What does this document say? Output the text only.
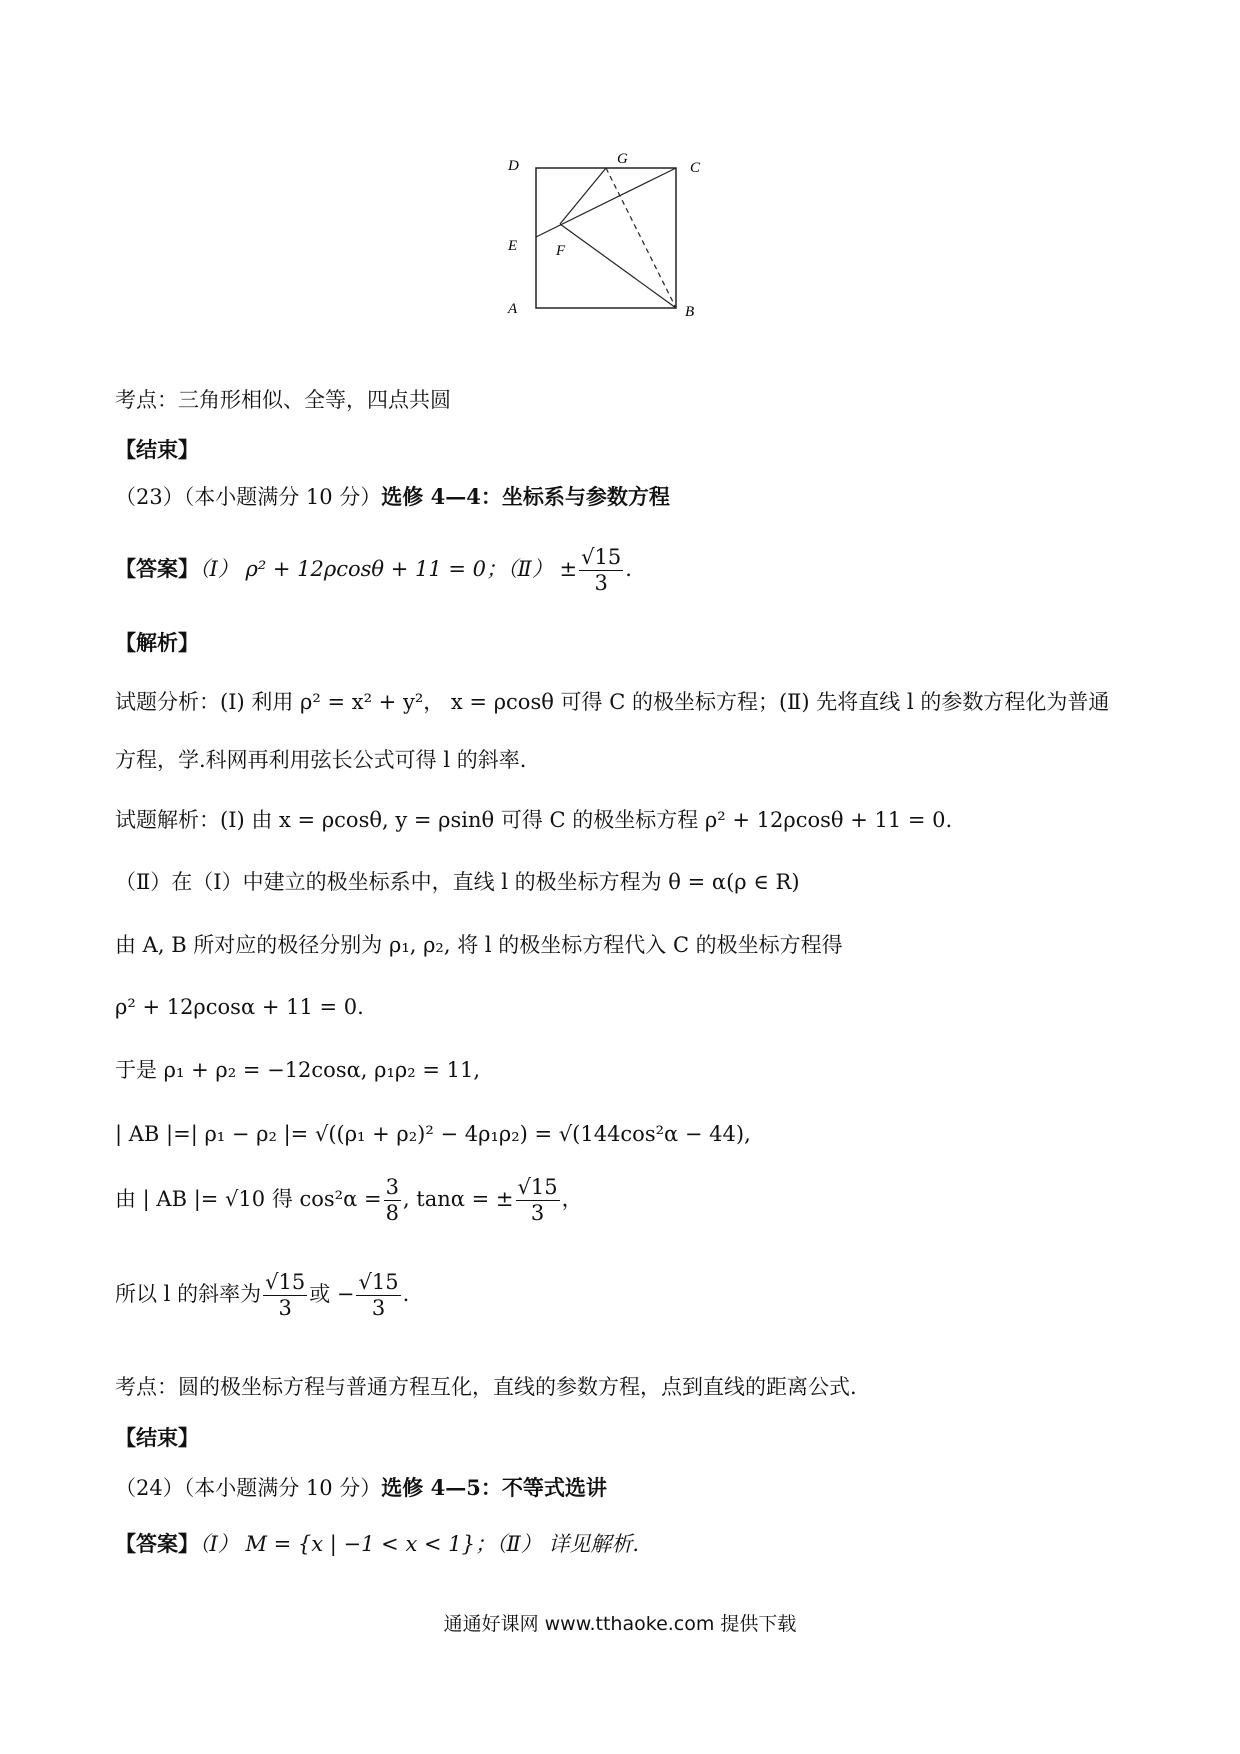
D	G
C
E	F
A	B
考点：三角形相似、全等，四点共圆
【结束】
（23）（本小题满分 10 分）选修 4—4：坐标系与参数方程
【答案】（Ⅰ） ρ² + 12ρcosθ + 11 = 0；（Ⅱ） ± $\frac{√15}{3}$ .
【解析】
试题分析：(Ⅰ) 利用 ρ² = x² + y²， x = ρcosθ 可得 C 的极坐标方程；(Ⅱ) 先将直线 l 的参数方程化为普通
方程，学.科网再利用弦长公式可得 l 的斜率.
试题解析：(Ⅰ) 由 x = ρcosθ, y = ρsinθ 可得 C 的极坐标方程 ρ² + 12ρcosθ + 11 = 0.
（Ⅱ）在（Ⅰ）中建立的极坐标系中，直线 l 的极坐标方程为 θ = α(ρ ∈ R)
由 A, B 所对应的极径分别为 ρ₁, ρ₂, 将 l 的极坐标方程代入 C 的极坐标方程得
ρ² + 12ρcosα + 11 = 0.
于是 ρ₁ + ρ₂ = −12cosα, ρ₁ρ₂ = 11,
| AB |=| ρ₁ − ρ₂ |= √((ρ₁ + ρ₂)² − 4ρ₁ρ₂) = √(144cos²α − 44),
由 | AB |= √10 得 $\cos^2\alpha = \frac{3}{8}$ , tanα = ± $\frac{√15}{3}$ ，
所以 l 的斜率为 $\frac{√15}{3}$ 或 − $\frac{√15}{3}$ .
考点：圆的极坐标方程与普通方程互化，直线的参数方程，点到直线的距离公式.
【结束】
（24）（本小题满分 10 分）选修 4—5：不等式选讲
【答案】（Ⅰ） M = {x | −1 < x < 1}；（Ⅱ） 详见解析.
通通好课网 www.tthaoke.com 提供下载
